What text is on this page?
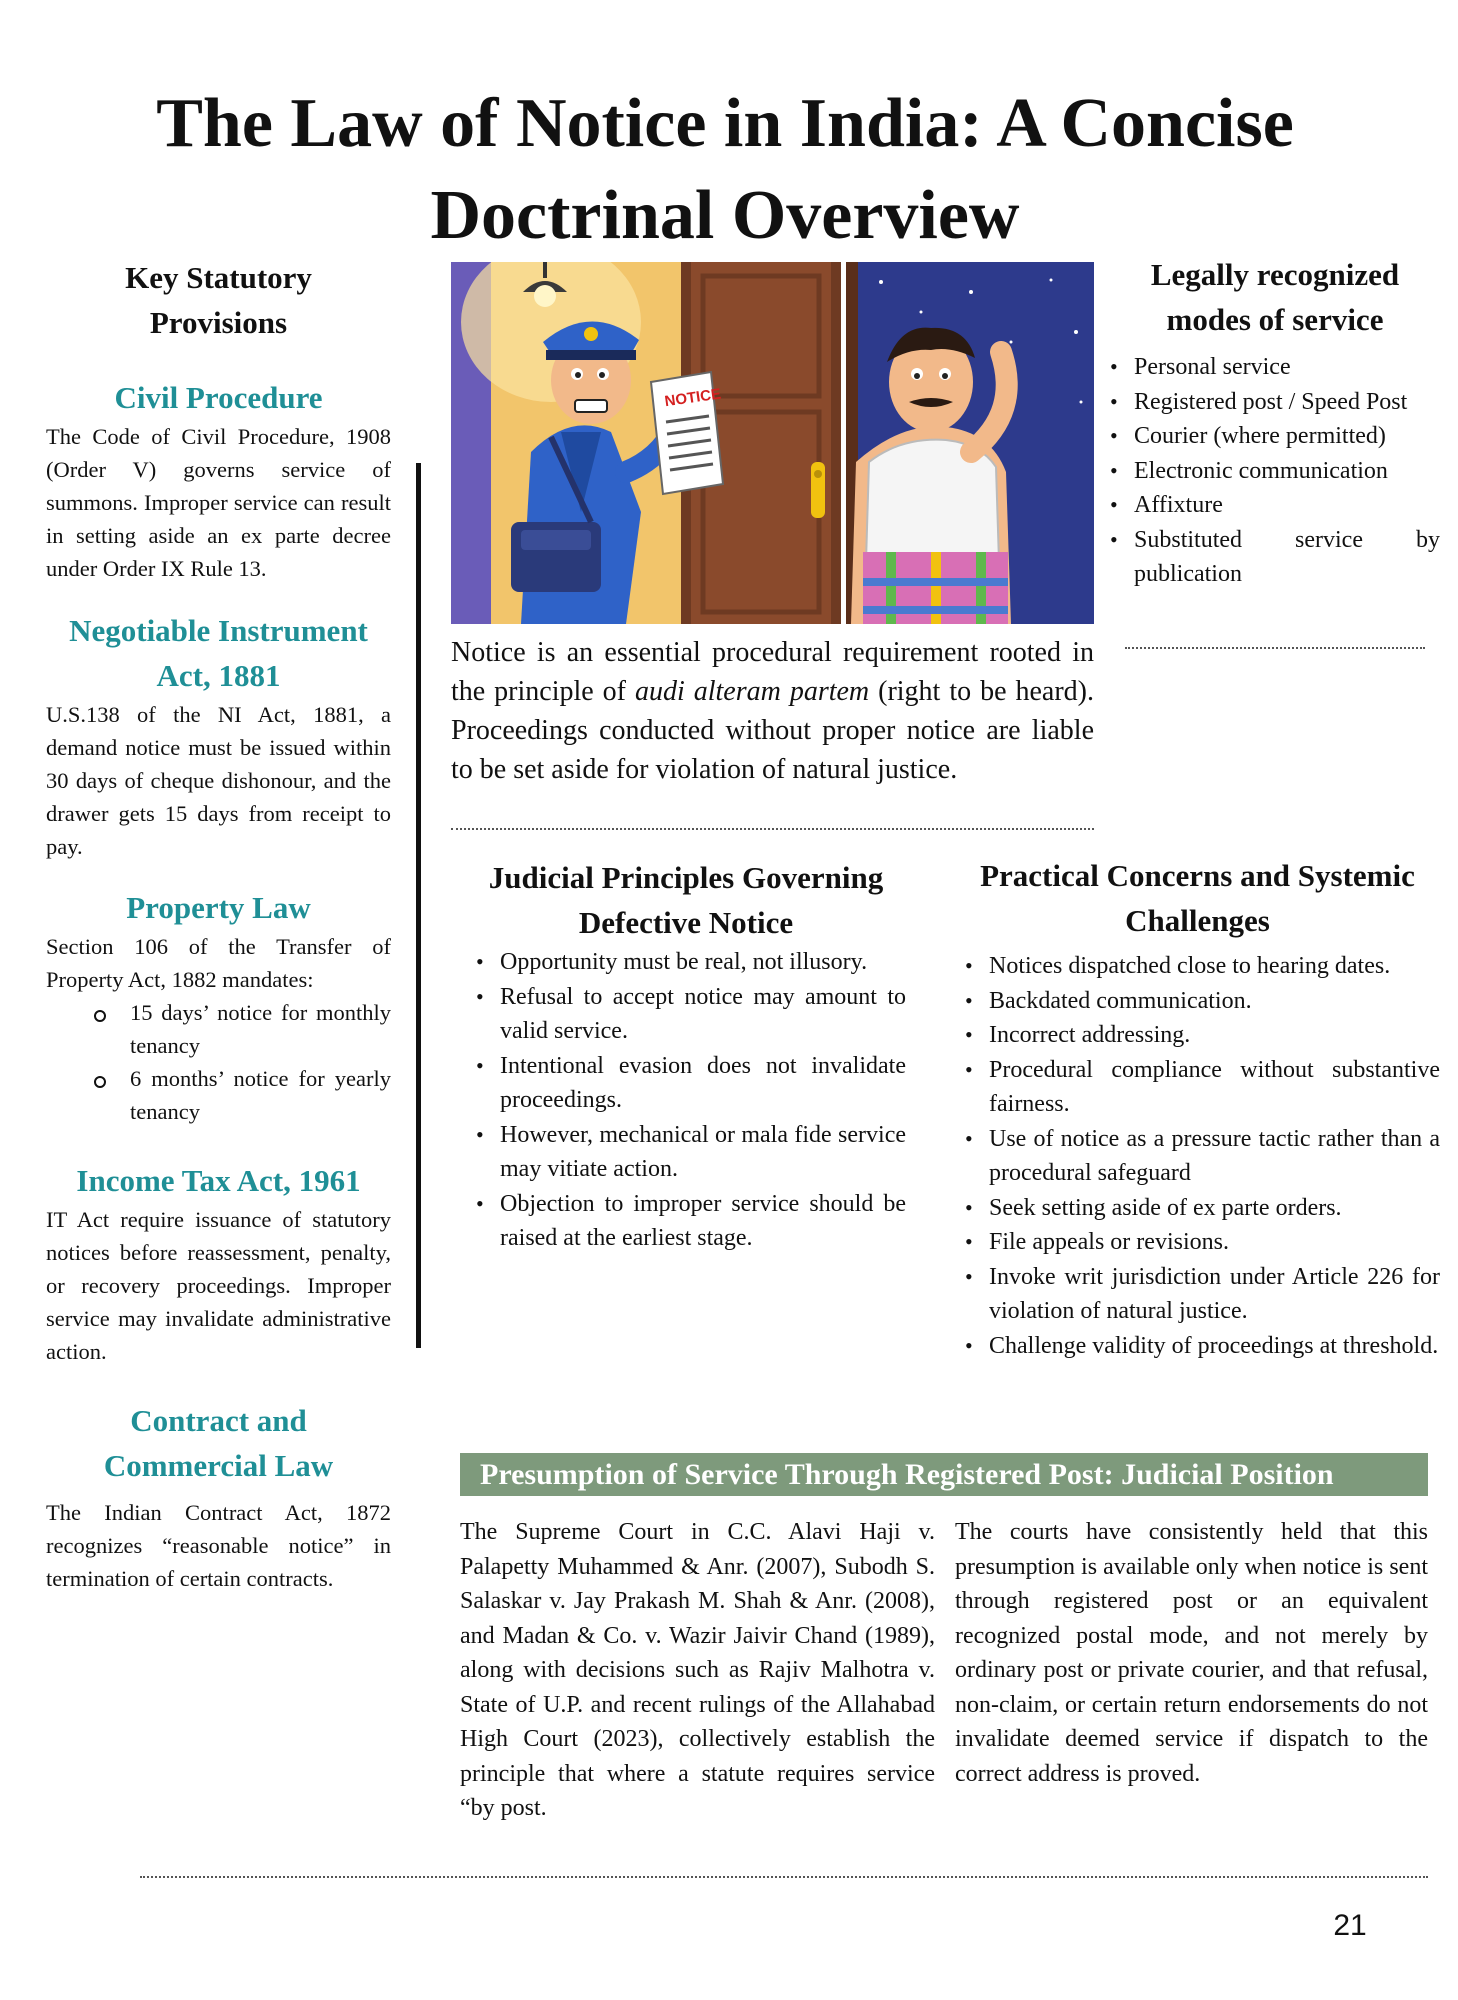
The Law of Notice in India: A Concise Doctrinal Overview
Key Statutory Provisions
Civil Procedure

The Code of Civil Procedure, 1908 (Order V) governs service of summons. Improper service can result in setting aside an ex parte decree under Order IX Rule 13.

Negotiable Instrument Act, 1881

U.S.138 of the NI Act, 1881, a demand notice must be issued within 30 days of cheque dishonour, and the drawer gets 15 days from receipt to pay.

Property Law

Section 106 of the Transfer of Property Act, 1882 mandates:

15 days’ notice for monthly tenancy
6 months’ notice for yearly tenancy
Income Tax Act, 1961

IT Act require issuance of statutory notices before reassessment, penalty, or recovery proceedings. Improper service may invalidate administrative action.

Contract and Commercial Law

The Indian Contract Act, 1872 recognizes “reasonable notice” in termination of certain contracts.

NOTICE

Notice is an essential procedural requirement rooted in the principle of audi alteram partem (right to be heard). Proceedings conducted without proper notice are liable to be set aside for violation of natural justice.

Legally recognized modes of service
• Personal service
• Registered post / Speed Post
• Courier (where permitted)
• Electronic communication
• Affixture
• Substituted service by publication
Judicial Principles Governing Defective Notice
• Opportunity must be real, not illusory.
• Refusal to accept notice may amount to valid service.
• Intentional evasion does not invalidate proceedings.
• However, mechanical or mala fide service may vitiate action.
• Objection to improper service should be raised at the earliest stage.
Practical Concerns and Systemic Challenges
• Notices dispatched close to hearing dates.
• Backdated communication.
• Incorrect addressing.
• Procedural compliance without substantive fairness.
• Use of notice as a pressure tactic rather than a procedural safeguard
• Seek setting aside of ex parte orders.
• File appeals or revisions.
• Invoke writ jurisdiction under Article 226 for violation of natural justice.
• Challenge validity of proceedings at threshold.
Presumption of Service Through Registered Post: Judicial Position

The Supreme Court in C.C. Alavi Haji v. Palapetty Muhammed & Anr. (2007), Subodh S. Salaskar v. Jay Prakash M. Shah & Anr. (2008), and Madan & Co. v. Wazir Jaivir Chand (1989), along with decisions such as Rajiv Malhotra v. State of U.P. and recent rulings of the Allahabad High Court (2023), collectively establish the principle that where a statute requires service “by post.

The courts have consistently held that this presumption is available only when notice is sent through registered post or an equivalent recognized postal mode, and not merely by ordinary post or private courier, and that refusal, non-claim, or certain return endorsements do not invalidate deemed service if dispatch to the correct address is proved.

21
